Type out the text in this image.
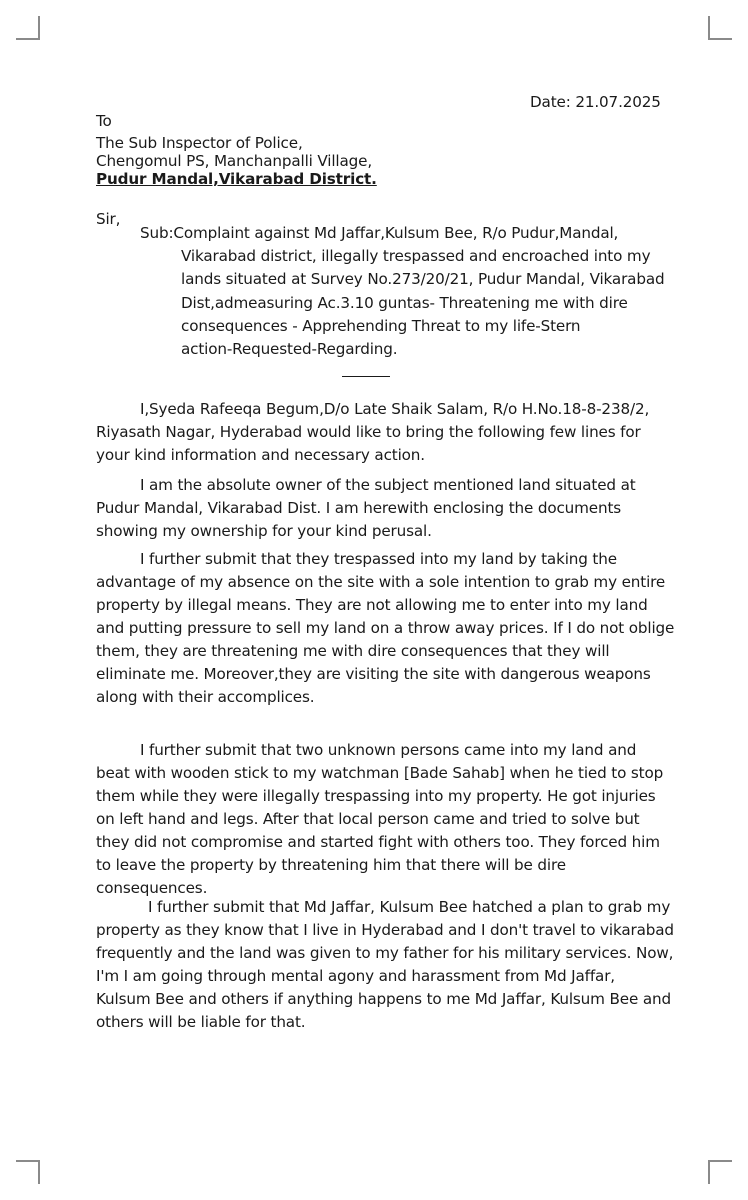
Date: 21.07.2025
To
The Sub Inspector of Police,
Chengomul PS, Manchanpalli Village,
Pudur Mandal,Vikarabad District.
Sir,
Sub:Complaint against Md Jaffar,Kulsum Bee, R/o Pudur,Mandal,
Vikarabad district, illegally trespassed and encroached into my
lands situated at Survey No.273/20/21, Pudur Mandal, Vikarabad
Dist,admeasuring Ac.3.10 guntas- Threatening me with dire
consequences - Apprehending Threat to my life-Stern
action-Requested-Regarding.
I,Syeda Rafeeqa Begum,D/o Late Shaik Salam, R/o H.No.18-8-238/2,
Riyasath Nagar, Hyderabad would like to bring the following few lines for
your kind information and necessary action.
I am the absolute owner of the subject mentioned land situated at
Pudur Mandal, Vikarabad Dist. I am herewith enclosing the documents
showing my ownership for your kind perusal.
I further submit that they trespassed into my land by taking the
advantage of my absence on the site with a sole intention to grab my entire
property by illegal means. They are not allowing me to enter into my land
and putting pressure to sell my land on a throw away prices. If I do not oblige
them, they are threatening me with dire consequences that they will
eliminate me. Moreover,they are visiting the site with dangerous weapons
along with their accomplices.
I further submit that two unknown persons came into my land and
beat with wooden stick to my watchman [Bade Sahab] when he tied to stop
them while they were illegally trespassing into my property. He got injuries
on left hand and legs. After that local person came and tried to solve but
they did not compromise and started fight with others too. They forced him
to leave the property by threatening him that there will be dire
consequences.
I further submit that Md Jaffar, Kulsum Bee hatched a plan to grab my
property as they know that I live in Hyderabad and I don't travel to vikarabad
frequently and the land was given to my father for his military services. Now,
I'm I am going through mental agony and harassment from Md Jaffar,
Kulsum Bee and others if anything happens to me Md Jaffar, Kulsum Bee and
others will be liable for that.
